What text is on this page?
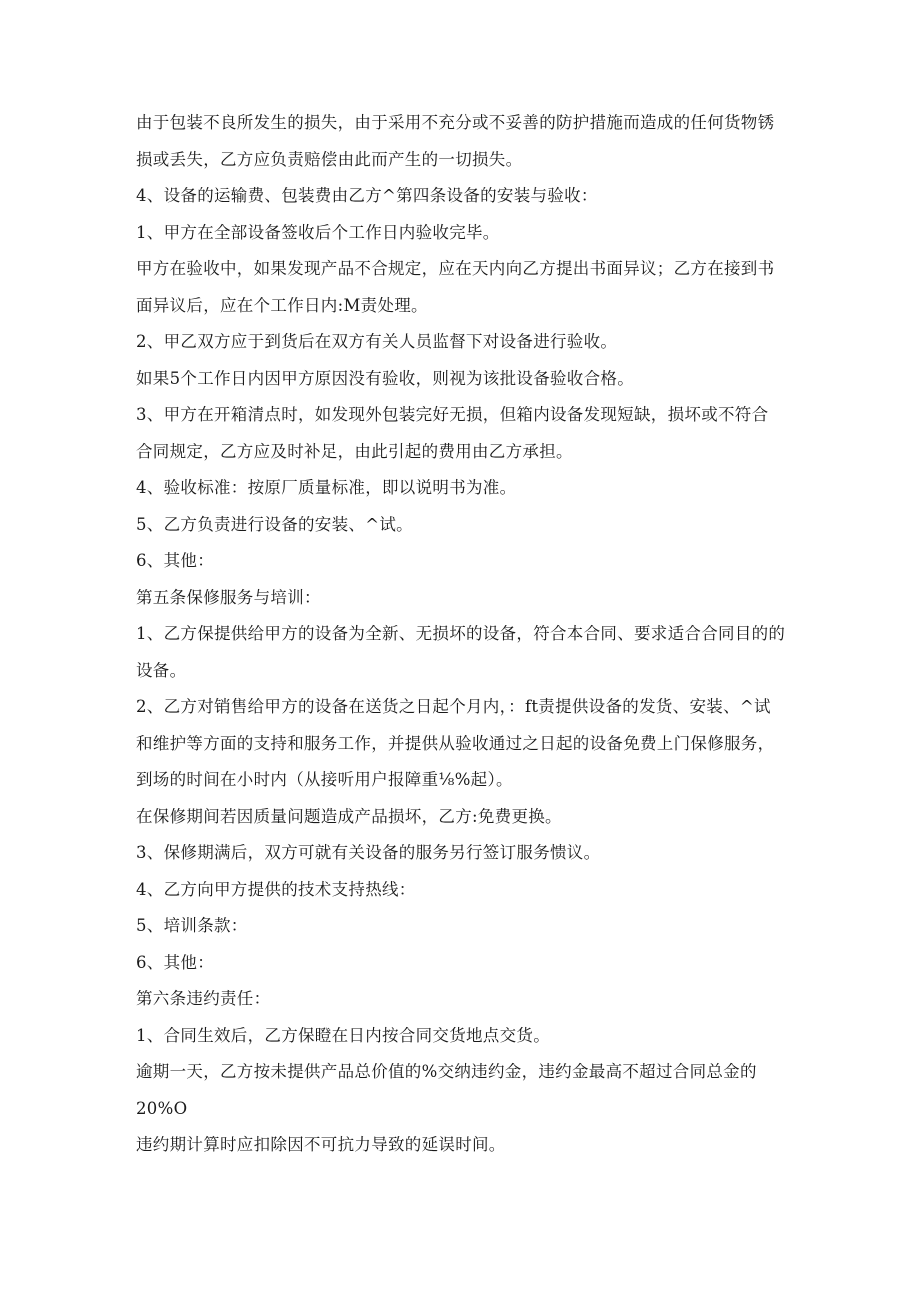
由于包装不良所发生的损失，由于采用不充分或不妥善的防护措施而造成的任何货物锈

损或丢失，乙方应负责赔偿由此而产生的一切损失。

4、设备的运输费、包装费由乙方^第四条设备的安装与验收：

1、甲方在全部设备签收后个工作日内验收完毕。

甲方在验收中，如果发现产品不合规定，应在天内向乙方提出书面异议；乙方在接到书

面异议后，应在个工作日内:M责处理。

2、甲乙双方应于到货后在双方有关人员监督下对设备进行验收。

如果5个工作日内因甲方原因没有验收，则视为该批设备验收合格。

3、甲方在开箱清点时，如发现外包装完好无损，但箱内设备发现短缺，损坏或不符合

合同规定，乙方应及时补足，由此引起的费用由乙方承担。

4、验收标准：按原厂质量标准，即以说明书为准。

5、乙方负责进行设备的安装、^试。

6、其他：

第五条保修服务与培训：

1、乙方保提供给甲方的设备为全新、无损坏的设备，符合本合同、要求适合合同目的的

设备。

2、乙方对销售给甲方的设备在送货之日起个月内，：ft责提供设备的发货、安装、^试

和维护等方面的支持和服务工作，并提供从验收通过之日起的设备免费上门保修服务，

到场的时间在小时内（从接听用户报障重⅛%起）。

在保修期间若因质量问题造成产品损坏，乙方:免费更换。

3、保修期满后，双方可就有关设备的服务另行签订服务愦议。

4、乙方向甲方提供的技术支持热线：

5、培训条款：

6、其他：

第六条违约责任：

1、合同生效后，乙方保瞪在日内按合同交货地点交货。

逾期一天，乙方按未提供产品总价值的%交纳违约金，违约金最高不超过合同总金的

20%O

违约期计算时应扣除因不可抗力导致的延误时间。
